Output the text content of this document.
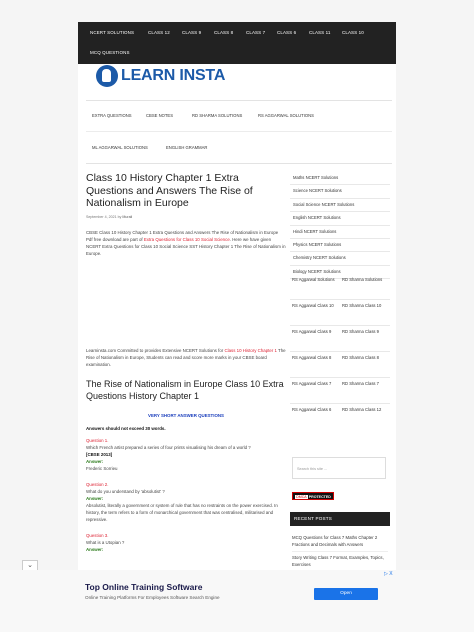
NCERT SOLUTIONS	CLASS 12	CLASS 9	CLASS 8	CLASS 7	CLASS 6	CLASS 11	CLASS 10
MCQ QUESTIONS
LEARN INSTA
EXTRA QUESTIONS	CBSE NOTES	RD SHARMA SOLUTIONS	RS AGGARWAL SOLUTIONS
ML AGGARWAL SOLUTIONS	ENGLISH GRAMMAR
Class 10 History Chapter 1 Extra Questions and Answers The Rise of Nationalism in Europe
September 4, 2021 by Murali

CBSE Class 10 History Chapter 1 Extra Questions and Answers The Rise of Nationalism in Europe Pdf free download are part of Extra Questions for Class 10 Social Science. Here we have given NCERT Extra Questions for Class 10 Social Science SST History Chapter 1 The Rise of Nationalism in Europe.

Learninsta.com Committed to provides Extensive NCERT Solutions for Class 10 History Chapter 1 The Rise of Nationalism in Europe, Students can read and score more marks in your CBSE board examination.

The Rise of Nationalism in Europe Class 10 Extra Questions History Chapter 1

VERY SHORT ANSWER QUESTIONS

Answers should not exceed 30 words.

Question 1.

Which French artist prepared a series of four prints visualising his dream of a world ?

[CBSE 2013]

Answer:

Frederic Sorrieu

Question 2.

What do you understand by 'absolutist' ?

Answer:

Absolutist, literally a government or system of rule that has no restraints on the power exercised. In history, the term refers to a form of monarchical government that was centralised, militarised and repressive.

Question 3.

What is a Utopian ?

Answer:

Maths NCERT Solutions
Science NCERT Solutions
Social Science NCERT Solutions
English NCERT Solutions
Hindi NCERT Solutions
Physics NCERT Solutions
Chemistry NCERT Solutions
Biology NCERT Solutions
RS Aggarwal Solutions	RD Sharma Solutions
RS Aggarwal Class 10	RD Sharma Class 10
RS Aggarwal Class 9	RD Sharma Class 9
RS Aggarwal Class 8	RD Sharma Class 8
RS Aggarwal Class 7	RD Sharma Class 7
RS Aggarwal Class 6	RD Sharma Class 12
Search this site ...
DMCA PROTECTED
RECENT POSTS
MCQ Questions for Class 7 Maths Chapter 2 Fractions and Decimals with Answers
Story Writing Class 7 Format, Examples, Topics, Exercises
⌄
Top Online Training Software
Online Training Platforms For Employees Software Search Engine
Open
▷ X
